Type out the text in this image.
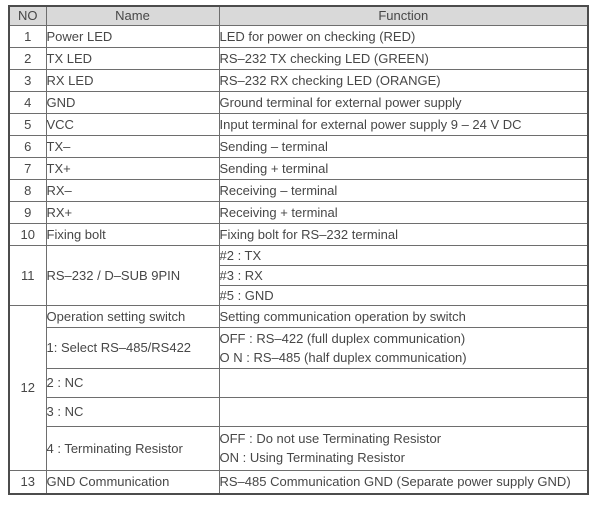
NO	Name	Function
1	Power LED	LED for power on checking (RED)
2	TX LED	RS–232 TX checking LED (GREEN)
3	RX LED	RS–232 RX checking LED (ORANGE)
4	GND	Ground terminal for external power supply
5	VCC	Input terminal for external power supply 9 – 24 V DC
6	TX–	Sending – terminal
7	TX+	Sending + terminal
8	RX–	Receiving – terminal
9	RX+	Receiving + terminal
10	Fixing bolt	Fixing bolt for RS–232 terminal
11	RS–232 / D–SUB 9PIN	#2 : TX
		#3 : RX
		#5 : GND
12	Operation setting switch	Setting communication operation by switch
	1: Select RS–485/RS422	OFF : RS–422 (full duplex communication)
O N : RS–485 (half duplex communication)

	2 : NC	
	3 : NC	
	4 : Terminating Resistor	OFF : Do not use Terminating Resistor
ON : Using Terminating Resistor

13	GND Communication	RS–485 Communication GND (Separate power supply GND)
